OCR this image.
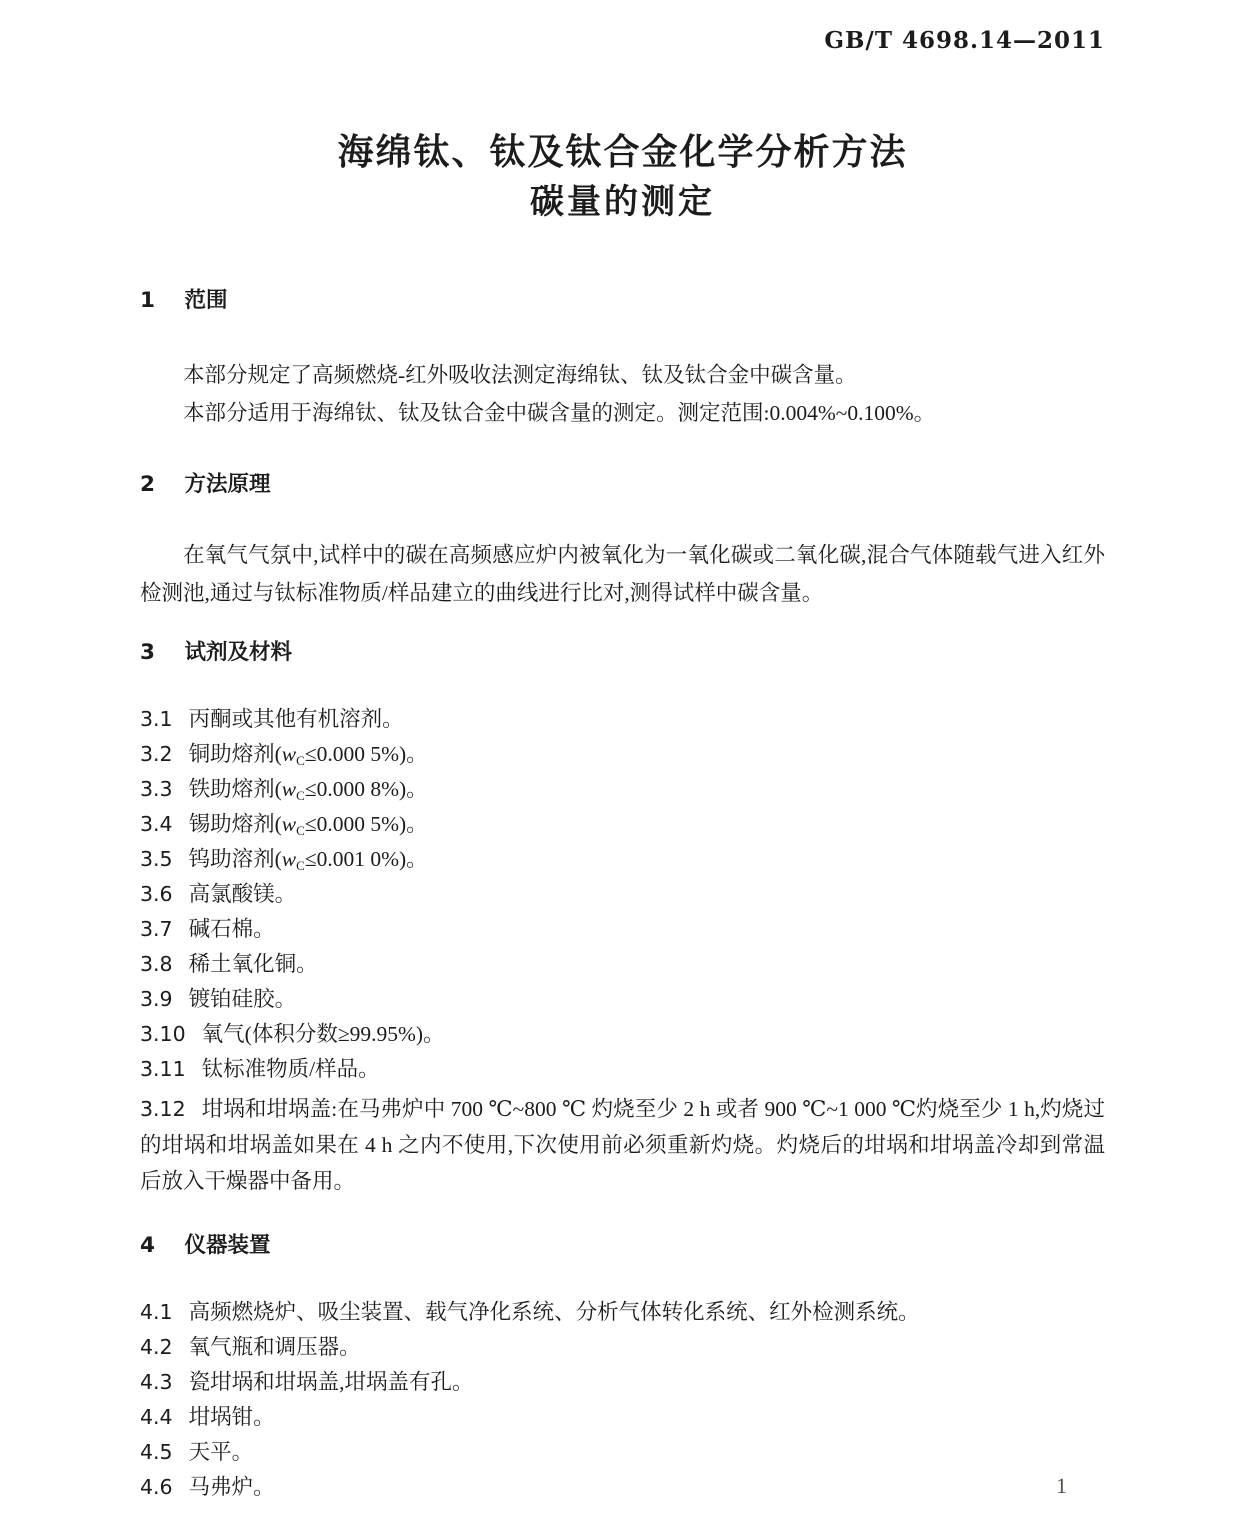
GB/T 4698.14—2011
海绵钛、钛及钛合金化学分析方法
碳量的测定
1 范围

本部分规定了高频燃烧-红外吸收法测定海绵钛、钛及钛合金中碳含量。

本部分适用于海绵钛、钛及钛合金中碳含量的测定。测定范围:0.004%~0.100%。

2 方法原理

在氧气气氛中,试样中的碳在高频感应炉内被氧化为一氧化碳或二氧化碳,混合气体随载气进入红外检测池,通过与钛标准物质/样品建立的曲线进行比对,测得试样中碳含量。

3 试剂及材料

3.1 丙酮或其他有机溶剂。

3.2 铜助熔剂($w_C\le 0.000$ 5%)。

3.3 铁助熔剂($w_C\le 0.000$ 8%)。

3.4 锡助熔剂($w_C\le 0.000$ 5%)。

3.5 钨助溶剂($w_C\le 0.001$ 0%)。

3.6 高氯酸镁。

3.7 碱石棉。

3.8 稀土氧化铜。

3.9 镀铂硅胶。

3.10 氧气(体积分数≥99.95%)。

3.11 钛标准物质/样品。

3.12 坩埚和坩埚盖:在马弗炉中 700 ℃~800 ℃ 灼烧至少 2 h 或者 900 ℃~1 000 ℃灼烧至少 1 h,灼烧过的坩埚和坩埚盖如果在 4 h 之内不使用,下次使用前必须重新灼烧。灼烧后的坩埚和坩埚盖冷却到常温后放入干燥器中备用。

4 仪器装置

4.1 高频燃烧炉、吸尘装置、载气净化系统、分析气体转化系统、红外检测系统。

4.2 氧气瓶和调压器。

4.3 瓷坩埚和坩埚盖,坩埚盖有孔。

4.4 坩埚钳。

4.5 天平。

4.6 马弗炉。	1
